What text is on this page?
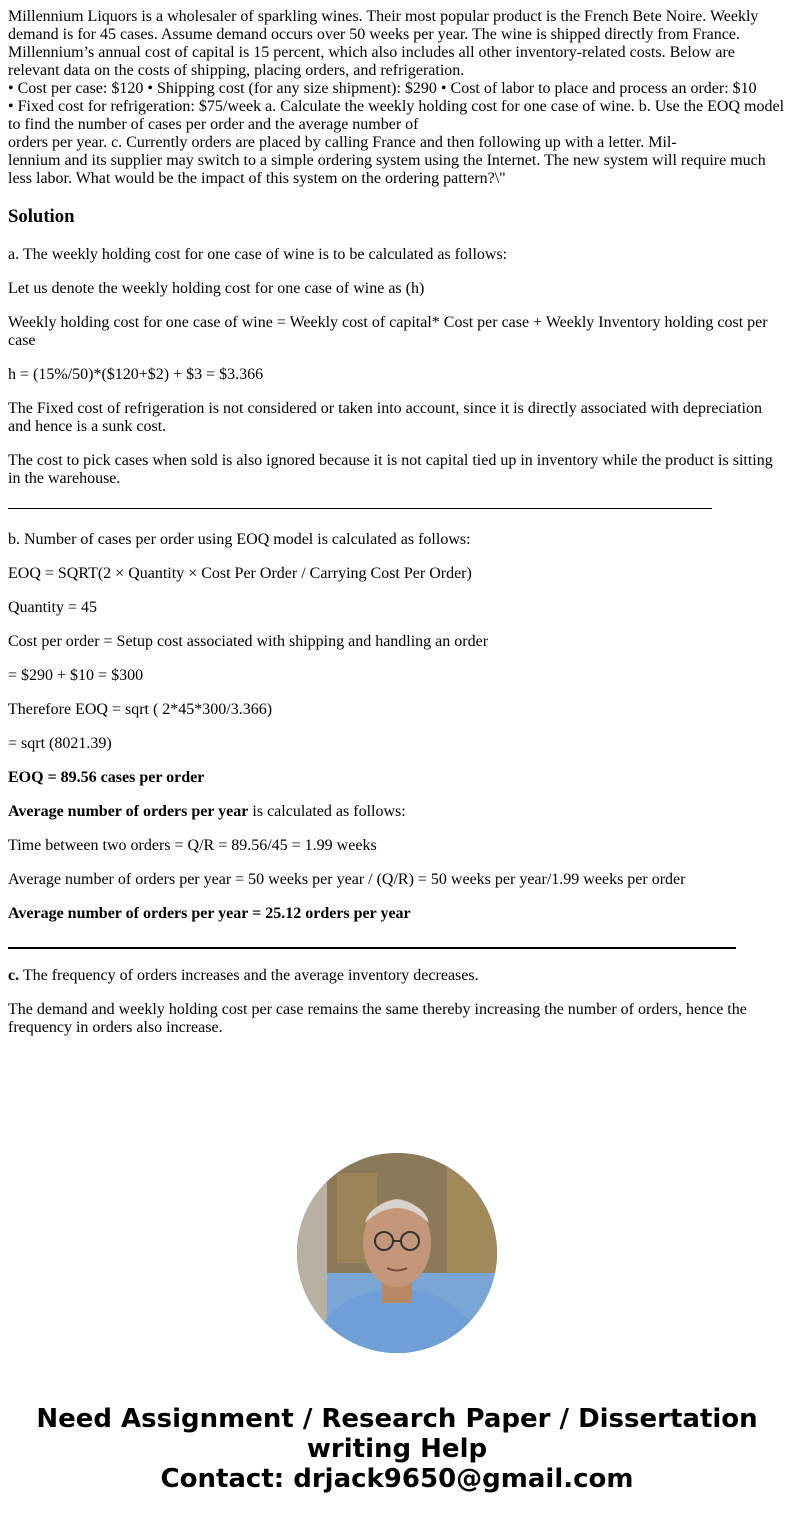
Millennium Liquors is a wholesaler of sparkling wines. Their most popular product is the French Bete Noire. Weekly demand is for 45 cases. Assume demand occurs over 50 weeks per year. The wine is shipped directly from France. Millennium’s annual cost of capital is 15 percent, which also includes all other inventory-related costs. Below are relevant data on the costs of shipping, placing orders, and refrigeration.
• Cost per case: $120 • Shipping cost (for any size shipment): $290 • Cost of labor to place and process an order: $10
• Fixed cost for refrigeration: $75/week a. Calculate the weekly holding cost for one case of wine. b. Use the EOQ model to find the number of cases per order and the average number of
orders per year. c. Currently orders are placed by calling France and then following up with a letter. Mil-
lennium and its supplier may switch to a simple ordering system using the Internet. The new system will require much less labor. What would be the impact of this system on the ordering pattern?\"
Solution

a. The weekly holding cost for one case of wine is to be calculated as follows:

Let us denote the weekly holding cost for one case of wine as (h)

Weekly holding cost for one case of wine = Weekly cost of capital* Cost per case + Weekly Inventory holding cost per case

h = (15%/50)*($120+$2) + $3 = $3.366

The Fixed cost of refrigeration is not considered or taken into account, since it is directly associated with depreciation and hence is a sunk cost.

The cost to pick cases when sold is also ignored because it is not capital tied up in inventory while the product is sitting in the warehouse.

b. Number of cases per order using EOQ model is calculated as follows:

EOQ = SQRT(2 × Quantity × Cost Per Order / Carrying Cost Per Order)

Quantity = 45

Cost per order = Setup cost associated with shipping and handling an order

= $290 + $10 = $300

Therefore EOQ = sqrt ( 2*45*300/3.366)

= sqrt (8021.39)

EOQ = 89.56 cases per order

Average number of orders per year is calculated as follows:

Time between two orders = Q/R = 89.56/45 = 1.99 weeks

Average number of orders per year = 50 weeks per year / (Q/R) = 50 weeks per year/1.99 weeks per order

Average number of orders per year = 25.12 orders per year

c. The frequency of orders increases and the average inventory decreases.

The demand and weekly holding cost per case remains the same thereby increasing the number of orders, hence the frequency in orders also increase.

Need Assignment / Research Paper / Dissertation
writing Help
Contact: drjack9650@gmail.com
